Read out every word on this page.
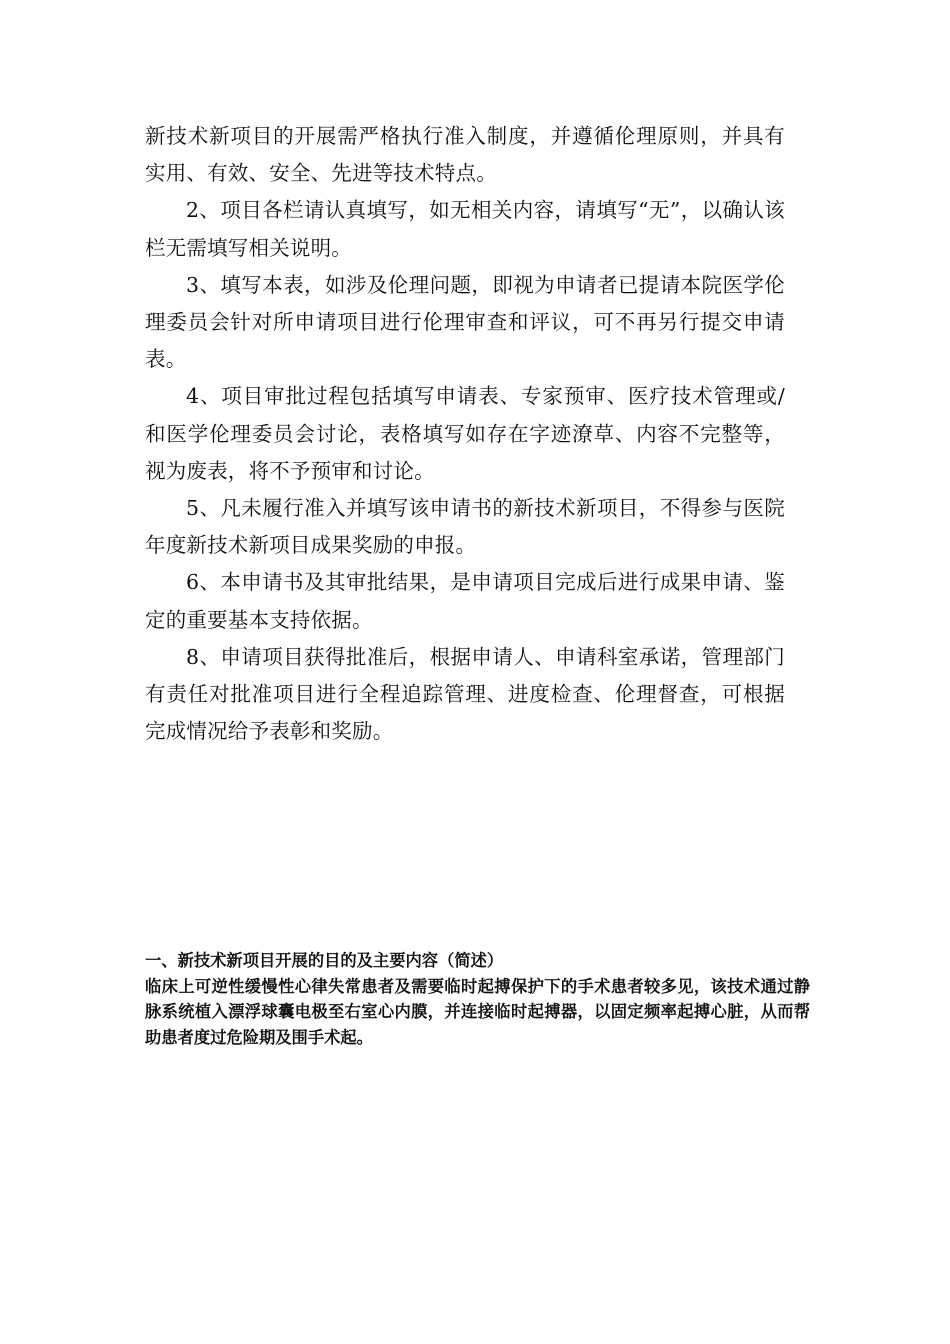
新技术新项目的开展需严格执行准入制度，并遵循伦理原则，并具有实用、有效、安全、先进等技术特点。

2、项目各栏请认真填写，如无相关内容，请填写“无”，以确认该栏无需填写相关说明。

3、填写本表，如涉及伦理问题，即视为申请者已提请本院医学伦理委员会针对所申请项目进行伦理审查和评议，可不再另行提交申请表。

4、项目审批过程包括填写申请表、专家预审、医疗技术管理或/和医学伦理委员会讨论，表格填写如存在字迹潦草、内容不完整等，视为废表，将不予预审和讨论。

5、凡未履行准入并填写该申请书的新技术新项目，不得参与医院年度新技术新项目成果奖励的申报。

6、本申请书及其审批结果，是申请项目完成后进行成果申请、鉴定的重要基本支持依据。

8、申请项目获得批准后，根据申请人、申请科室承诺，管理部门有责任对批准项目进行全程追踪管理、进度检查、伦理督查，可根据完成情况给予表彰和奖励。

一、新技术新项目开展的目的及主要内容（简述）

临床上可逆性缓慢性心律失常患者及需要临时起搏保护下的手术患者较多见，该技术通过静脉系统植入漂浮球囊电极至右室心内膜，并连接临时起搏器，以固定频率起搏心脏，从而帮助患者度过危险期及围手术起。
